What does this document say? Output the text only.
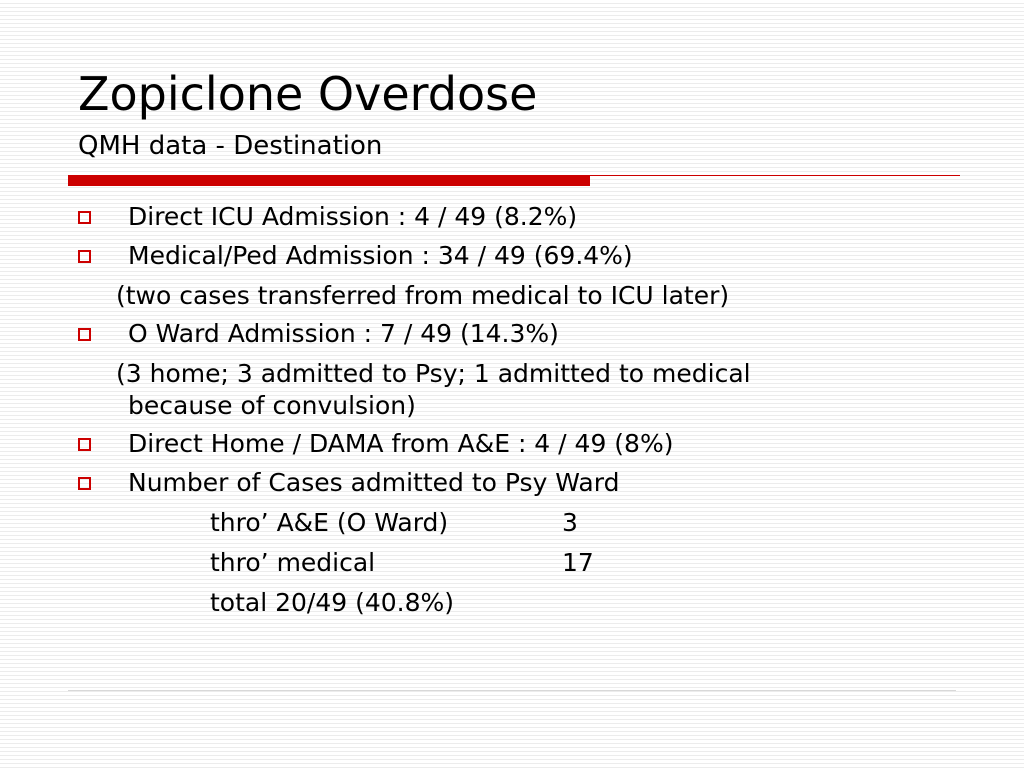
Zopiclone Overdose
QMH data - Destination
Direct ICU Admission : 4 / 49 (8.2%)
Medical/Ped Admission : 34 / 49 (69.4%)
(two cases transferred from medical to ICU later)
O Ward Admission : 7 / 49 (14.3%)
(3 home; 3 admitted to Psy; 1 admitted to medical
because of convulsion)
Direct Home / DAMA from A&E : 4 / 49 (8%)
Number of Cases admitted to Psy Ward
thro’ A&E (O Ward)	3
thro’ medical	17
total 20/49 (40.8%)
